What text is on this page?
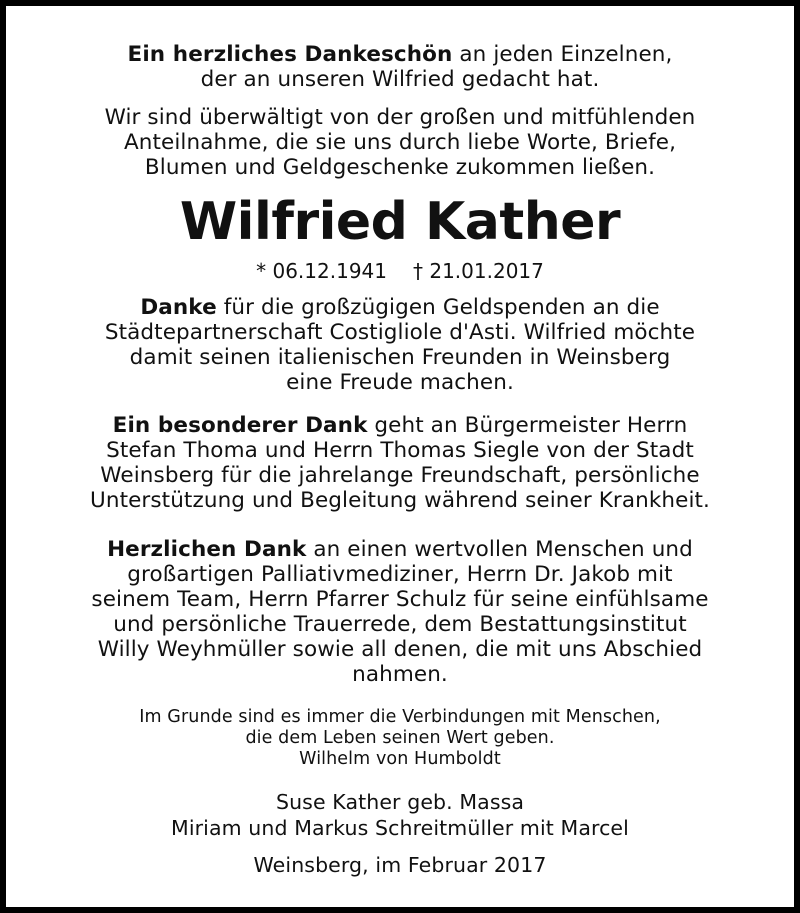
Ein herzliches Dankeschön an jeden Einzelnen,
der an unseren Wilfried gedacht hat.

Wir sind überwältigt von der großen und mitfühlenden
Anteilnahme, die sie uns durch liebe Worte, Briefe,
Blumen und Geldgeschenke zukommen ließen.

Wilfried Kather
* 06.12.1941 † 21.01.2017

Danke für die großzügigen Geldspenden an die
Städtepartnerschaft Costigliole d'Asti. Wilfried möchte
damit seinen italienischen Freunden in Weinsberg
eine Freude machen.

Ein besonderer Dank geht an Bürgermeister Herrn
Stefan Thoma und Herrn Thomas Siegle von der Stadt
Weinsberg für die jahrelange Freundschaft, persönliche
Unterstützung und Begleitung während seiner Krankheit.

Herzlichen Dank an einen wertvollen Menschen und
großartigen Palliativmediziner, Herrn Dr. Jakob mit
seinem Team, Herrn Pfarrer Schulz für seine einfühlsame
und persönliche Trauerrede, dem Bestattungsinstitut
Willy Weyhmüller sowie all denen, die mit uns Abschied
nahmen.

Im Grunde sind es immer die Verbindungen mit Menschen,
die dem Leben seinen Wert geben.
Wilhelm von Humboldt

Suse Kather geb. Massa
Miriam und Markus Schreitmüller mit Marcel

Weinsberg, im Februar 2017
